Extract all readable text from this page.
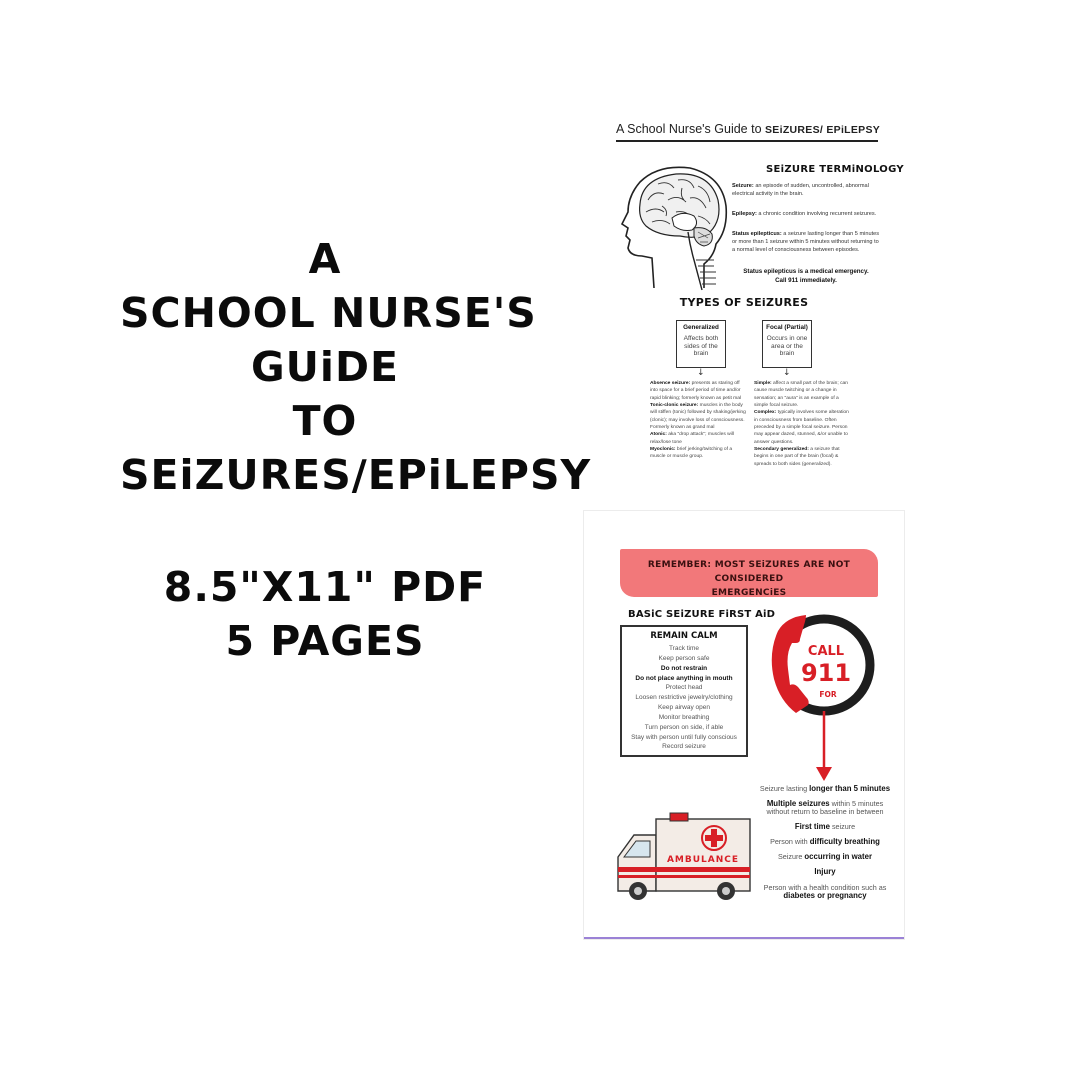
A
SCHOOL NURSE'S
GUiDE
TO
SEiZURES/EPiLEPSY
8.5"X11" PDF
5 PAGES
A School Nurse's Guide to SEiZURES/ EPiLEPSY
SEiZURE TERMiNOLOGY
Seizure: an episode of sudden, uncontrolled, abnormal electrical activity in the brain.
Epilepsy: a chronic condition involving recurrent seizures.
Status epilepticus: a seizure lasting longer than 5 minutes or more than 1 seizure within 5 minutes without returning to a normal level of consciousness between episodes.
Status epilepticus is a medical emergency.
Call 911 immediately.
TYPES OF SEiZURES
Generalized
Affects both sides of the brain
Focal (Partial)
Occurs in one area or the brain
↓	↓
Absence seizure: presents as staring off into space for a brief period of time and/or rapid blinking; formerly known as petit mal
Tonic-clonic seizure: muscles in the body will stiffen (tonic) followed by shaking/jerking (clonic); may involve loss of consciousness. Formerly known as grand mal
Atonic: aka "drop attack"; muscles will relax/lose tone
Myoclonic: brief jerking/twitching of a muscle or muscle group.
Simple: affect a small part of the brain; can cause muscle twitching or a change in sensation; an "aura" is an example of a simple focal seizure.
Complex: typically involves some alteration in consciousness from baseline. Often preceded by a simple focal seizure. Person may appear dazed, stunned, &/or unable to answer questions.
Secondary generalized: a seizure that begins in one part of the brain (focal) & spreads to both sides (generalized).
REMEMBER: MOST SEiZURES ARE NOT CONSIDERED
EMERGENCiES
BASiC SEiZURE FiRST AiD
REMAIN CALM
Track time
Keep person safe
Do not restrain
Do not place anything in mouth
Protect head
Loosen restrictive jewelry/clothing
Keep airway open
Monitor breathing
Turn person on side, if able
Stay with person until fully conscious
Record seizure
CALL
911
FOR
Seizure lasting longer than 5 minutes
Multiple seizures within 5 minutes
without return to baseline in between
First time seizure
Person with difficulty breathing
Seizure occurring in water
Injury
Person with a health condition such as
diabetes or pregnancy
AMBULANCE
